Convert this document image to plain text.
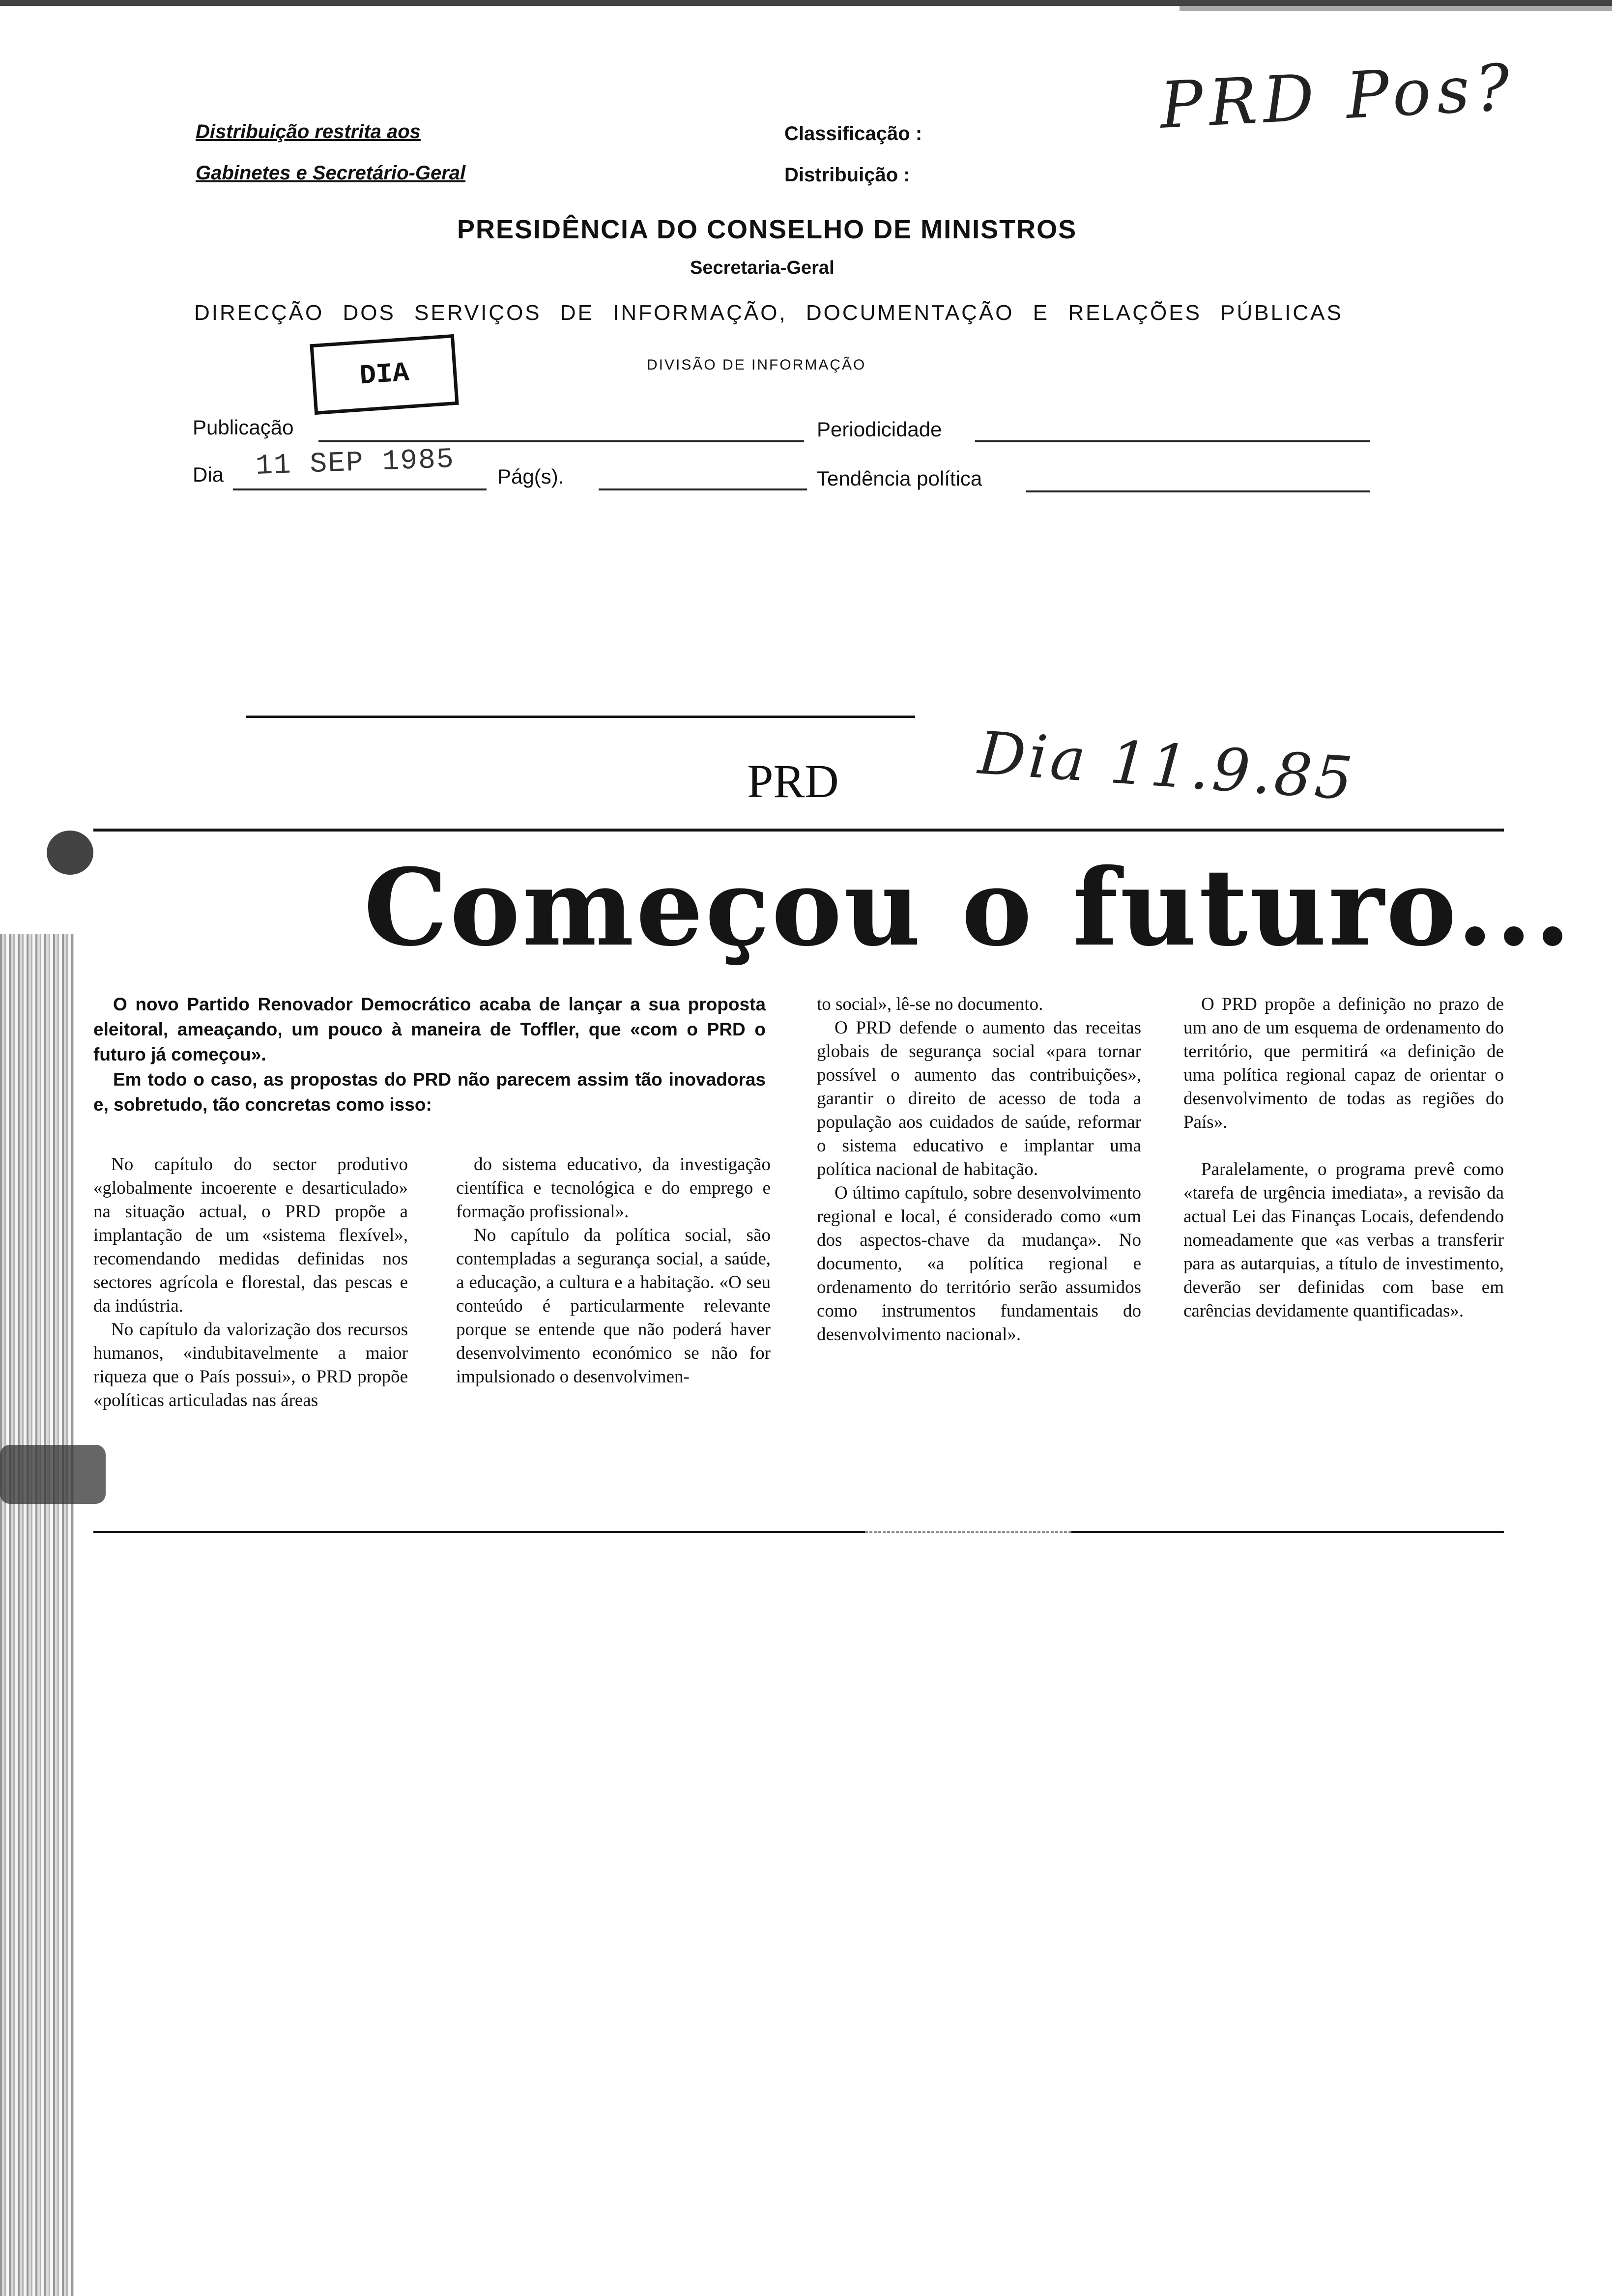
Distribuição restrita aos
Gabinetes e Secretário-Geral
Classificação :
Distribuição :
PRD Pos?
PRESIDÊNCIA DO CONSELHO DE MINISTROS
Secretaria-Geral
DIRECÇÃO DOS SERVIÇOS DE INFORMAÇÃO, DOCUMENTAÇÃO E RELAÇÕES PÚBLICAS
DIVISÃO DE INFORMAÇÃO
DIA
Publicação	Periodicidade
Dia 11 SEP 1985 Pág(s).	Tendência política
PRD Dia 11.9.85
Começou o futuro...

O novo Partido Renovador Democrático acaba de lançar a sua proposta eleitoral, ameaçando, um pouco à maneira de Toffler, que «com o PRD o futuro já começou».

Em todo o caso, as propostas do PRD não parecem assim tão inovadoras e, sobretudo, tão concretas como isso:

No capítulo do sector produtivo «globalmente incoerente e desarticulado» na situação actual, o PRD propõe a implantação de um «sistema flexível», recomendando medidas definidas nos sectores agrícola e florestal, das pescas e da indústria.

No capítulo da valorização dos recursos humanos, «indubitavelmente a maior riqueza que o País possui», o PRD propõe «políticas articuladas nas áreas

do sistema educativo, da investigação científica e tecnológica e do emprego e formação profissional».

No capítulo da política social, são contempladas a segurança social, a saúde, a educação, a cultura e a habitação. «O seu conteúdo é particularmente relevante porque se entende que não poderá haver desenvolvimento económico se não for impulsionado o desenvolvimen-

to social», lê-se no documento.

O PRD defende o aumento das receitas globais de segurança social «para tornar possível o aumento das contribuições», garantir o direito de acesso de toda a população aos cuidados de saúde, reformar o sistema educativo e implantar uma política nacional de habitação.

O último capítulo, sobre desenvolvimento regional e local, é considerado como «um dos aspectos-chave da mudança». No documento, «a política regional e ordenamento do território serão assumidos como instrumentos fundamentais do desenvolvimento nacional».

O PRD propõe a definição no prazo de um ano de um esquema de ordenamento do território, que permitirá «a definição de uma política regional capaz de orientar o desenvolvimento de todas as regiões do País».

Paralelamente, o programa prevê como «tarefa de urgência imediata», a revisão da actual Lei das Finanças Locais, defendendo nomeadamente que «as verbas a transferir para as autarquias, a título de investimento, deverão ser definidas com base em carências devidamente quantificadas».
